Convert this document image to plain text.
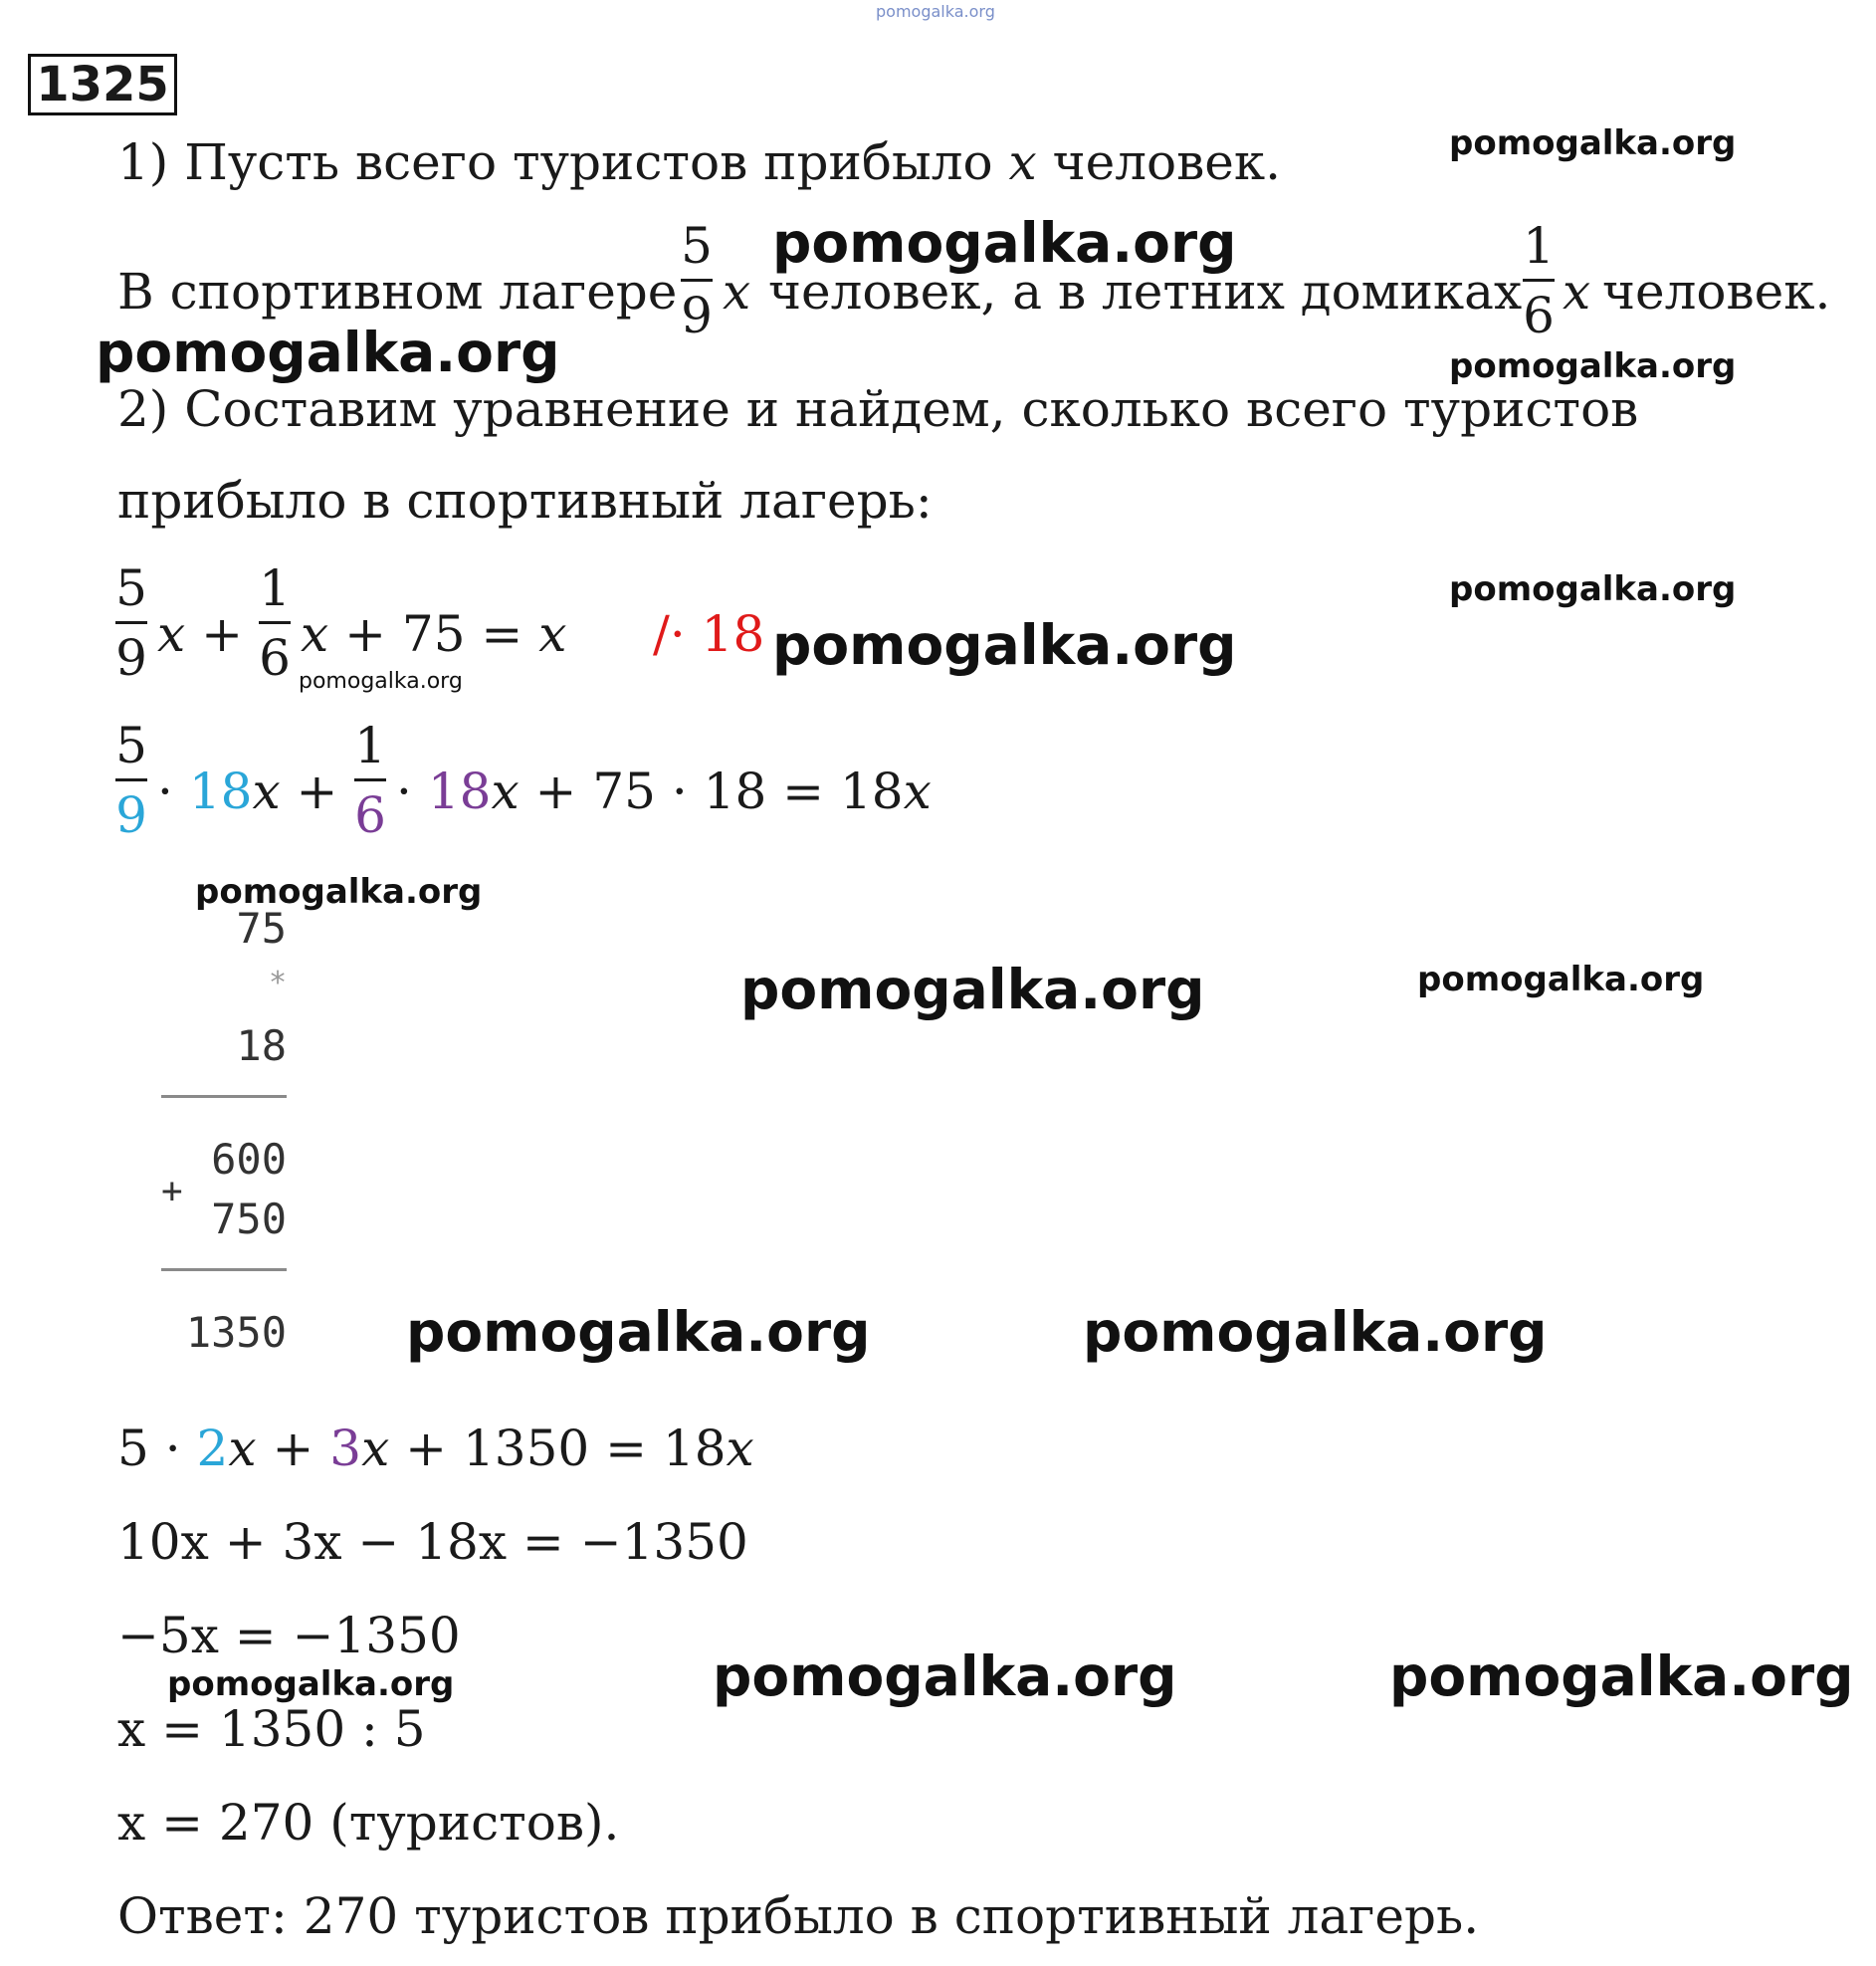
pomogalka.org
1325
1) Пусть всего туристов прибыло x человек.
В спортивном лагере
5
9 x человек, а в летних домиках
1
6 x человек.
2) Составим уравнение и найдем, сколько всего туристов
прибыло в спортивный лагерь:
5
9 x +
1
6 x + 75 = x /· 18
5
9 · 18x +
1
6 · 18x + 75 · 18 = 18x
75
*
18
600
+
750
1350
5 · 2x + 3x + 1350 = 18x
10x + 3x − 18x = −1350
−5x = −1350
x = 1350 : 5
x = 270 (туристов).
Ответ: 270 туристов прибыло в спортивный лагерь.
pomogalka.org
pomogalka.org
pomogalka.org	pomogalka.org
pomogalka.org
pomogalka.org
pomogalka.org
pomogalka.org
pomogalka.org	pomogalka.org
pomogalka.org	pomogalka.org
pomogalka.org	pomogalka.org	pomogalka.org
